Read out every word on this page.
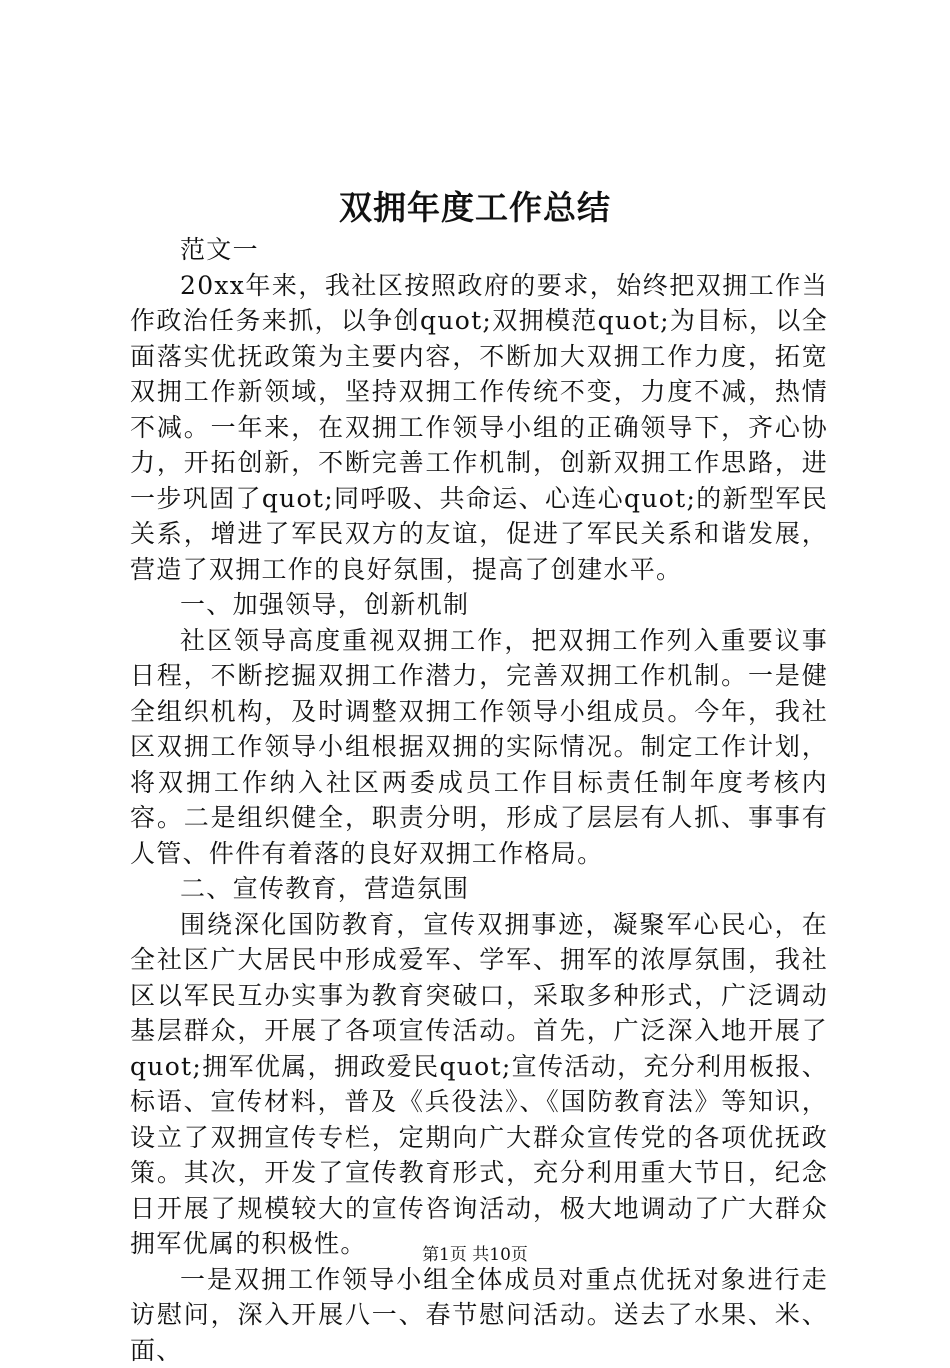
双拥年度工作总结

范文一

20xx年来，我社区按照政府的要求，始终把双拥工作当作政治任务来抓，以争创quot;双拥模范quot;为目标，以全面落实优抚政策为主要内容，不断加大双拥工作力度，拓宽双拥工作新领域，坚持双拥工作传统不变，力度不减，热情不减。一年来，在双拥工作领导小组的正确领导下，齐心协力，开拓创新，不断完善工作机制，创新双拥工作思路，进一步巩固了quot;同呼吸、共命运、心连心quot;的新型军民关系，增进了军民双方的友谊，促进了军民关系和谐发展，营造了双拥工作的良好氛围，提高了创建水平。

一、加强领导，创新机制

社区领导高度重视双拥工作，把双拥工作列入重要议事日程，不断挖掘双拥工作潜力，完善双拥工作机制。一是健全组织机构，及时调整双拥工作领导小组成员。今年，我社区双拥工作领导小组根据双拥的实际情况。制定工作计划，将双拥工作纳入社区两委成员工作目标责任制年度考核内容。二是组织健全，职责分明，形成了层层有人抓、事事有人管、件件有着落的良好双拥工作格局。

二、宣传教育，营造氛围

围绕深化国防教育，宣传双拥事迹，凝聚军心民心，在全社区广大居民中形成爱军、学军、拥军的浓厚氛围，我社区以军民互办实事为教育突破口，采取多种形式，广泛调动基层群众，开展了各项宣传活动。首先，广泛深入地开展了quot;拥军优属，拥政爱民quot;宣传活动，充分利用板报、标语、宣传材料，普及《兵役法》、《国防教育法》等知识，设立了双拥宣传专栏，定期向广大群众宣传党的各项优抚政策。其次，开发了宣传教育形式，充分利用重大节日，纪念日开展了规模较大的宣传咨询活动，极大地调动了广大群众拥军优属的积极性。

一是双拥工作领导小组全体成员对重点优抚对象进行走访慰问，深入开展八一、春节慰问活动。送去了水果、米、面、

第1页 共10页
